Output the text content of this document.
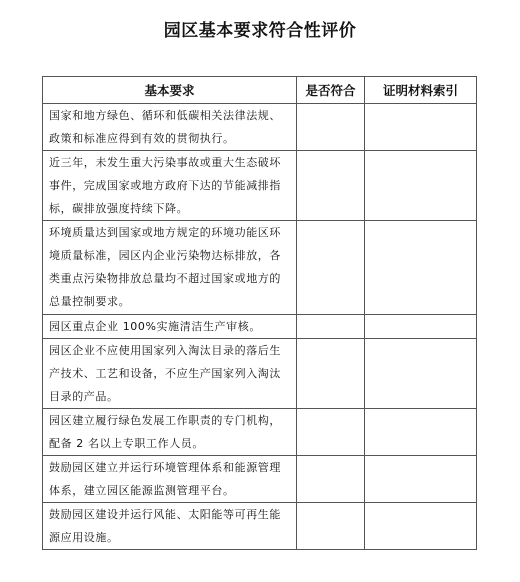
园区基本要求符合性评价
基本要求	是否符合	证明材料索引
国家和地方绿色、循环和低碳相关法律法规、政策和标准应得到有效的贯彻执行。		
近三年，未发生重大污染事故或重大生态破坏事件，完成国家或地方政府下达的节能减排指标，碳排放强度持续下降。		
环境质量达到国家或地方规定的环境功能区环境质量标准，园区内企业污染物达标排放，各类重点污染物排放总量均不超过国家或地方的总量控制要求。		
园区重点企业 100%实施清洁生产审核。		
园区企业不应使用国家列入淘汰目录的落后生产技术、工艺和设备，不应生产国家列入淘汰目录的产品。		
园区建立履行绿色发展工作职责的专门机构，配备 2 名以上专职工作人员。		
鼓励园区建立并运行环境管理体系和能源管理体系，建立园区能源监测管理平台。		
鼓励园区建设并运行风能、太阳能等可再生能源应用设施。		
